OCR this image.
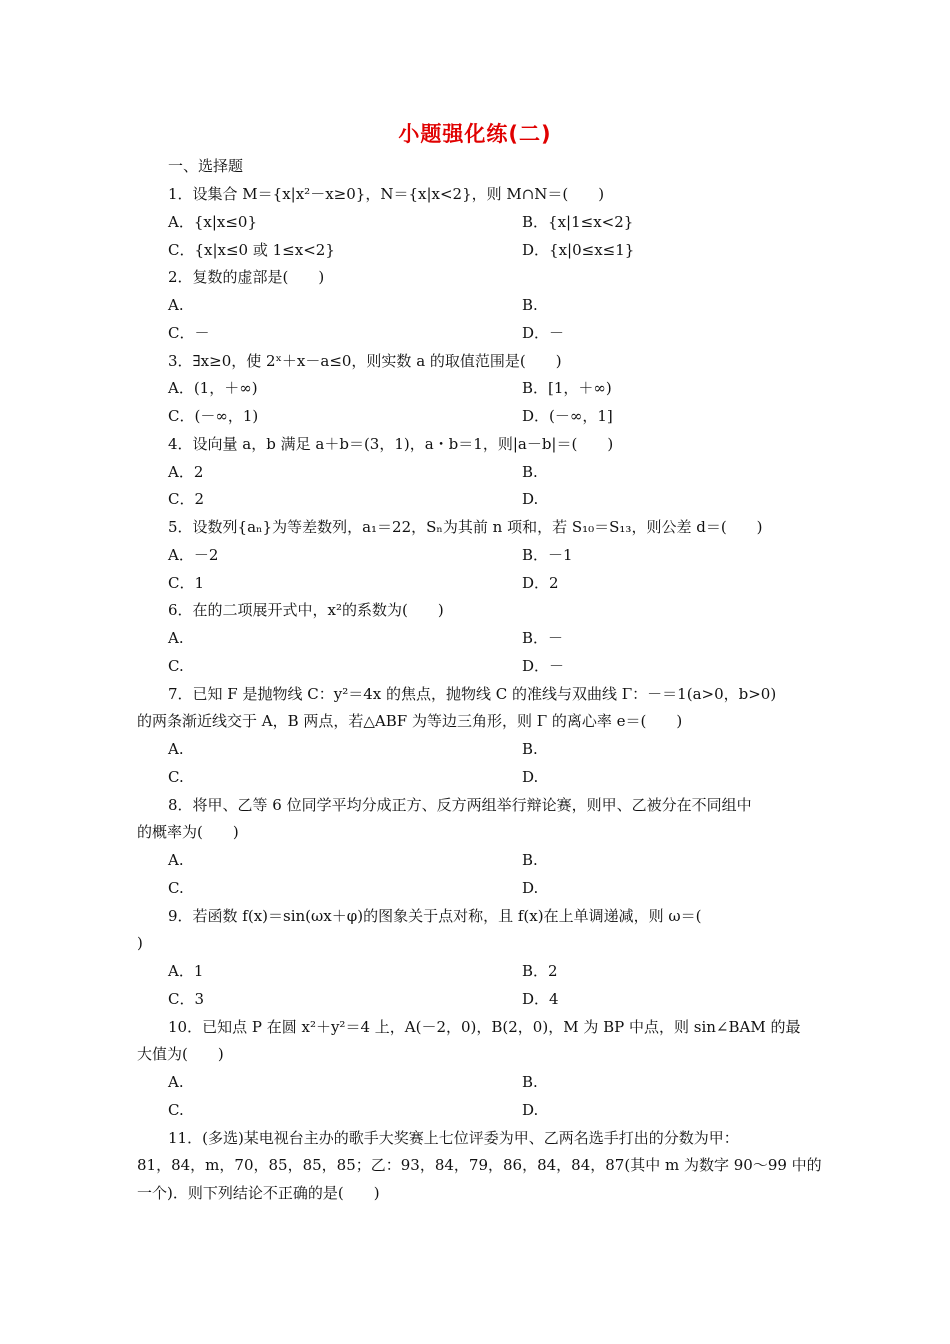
小题强化练(二)
一、选择题
1．设集合 M＝{x|x²－x≥0}，N＝{x|x<2}，则 M∩N＝(　　)
A．{x|x≤0}	B．{x|1≤x<2}
C．{x|x≤0 或 1≤x<2}	D．{x|0≤x≤1}
2．复数的虚部是(　　)
A.	B.
C．－	D．－
3．∃x≥0，使 2ˣ＋x－a≤0，则实数 a 的取值范围是(　　)
A．(1，＋∞)	B．[1，＋∞)
C．(－∞，1)	D．(－∞，1]
4．设向量 a，b 满足 a＋b＝(3，1)，a・b＝1，则|a－b|＝(　　)
A．2	B.
C．2	D.
5．设数列{aₙ}为等差数列，a₁＝22，Sₙ为其前 n 项和，若 S₁₀＝S₁₃，则公差 d＝(　　)
A．－2	B．－1
C．1	D．2
6．在的二项展开式中，x²的系数为(　　)
A.	B．－
C.	D．－
7．已知 F 是抛物线 C：y²＝4x 的焦点，抛物线 C 的准线与双曲线 Γ：－＝1(a>0，b>0)
的两条渐近线交于 A，B 两点，若△ABF 为等边三角形，则 Γ 的离心率 e＝(　　)
A.	B.
C.	D.
8．将甲、乙等 6 位同学平均分成正方、反方两组举行辩论赛，则甲、乙被分在不同组中
的概率为(　　)
A.	B.
C.	D.
9．若函数 f(x)＝sin(ωx＋φ)的图象关于点对称，且 f(x)在上单调递减，则 ω＝(
)
A．1	B．2
C．3	D．4
10．已知点 P 在圆 x²＋y²＝4 上，A(－2，0)，B(2，0)，M 为 BP 中点，则 sin∠BAM 的最
大值为(　　)
A.	B.
C.	D.
11．(多选)某电视台主办的歌手大奖赛上七位评委为甲、乙两名选手打出的分数为甲：
81，84，m，70，85，85，85；乙：93，84，79，86，84，84，87(其中 m 为数字 90～99 中的
一个)．则下列结论不正确的是(　　)
